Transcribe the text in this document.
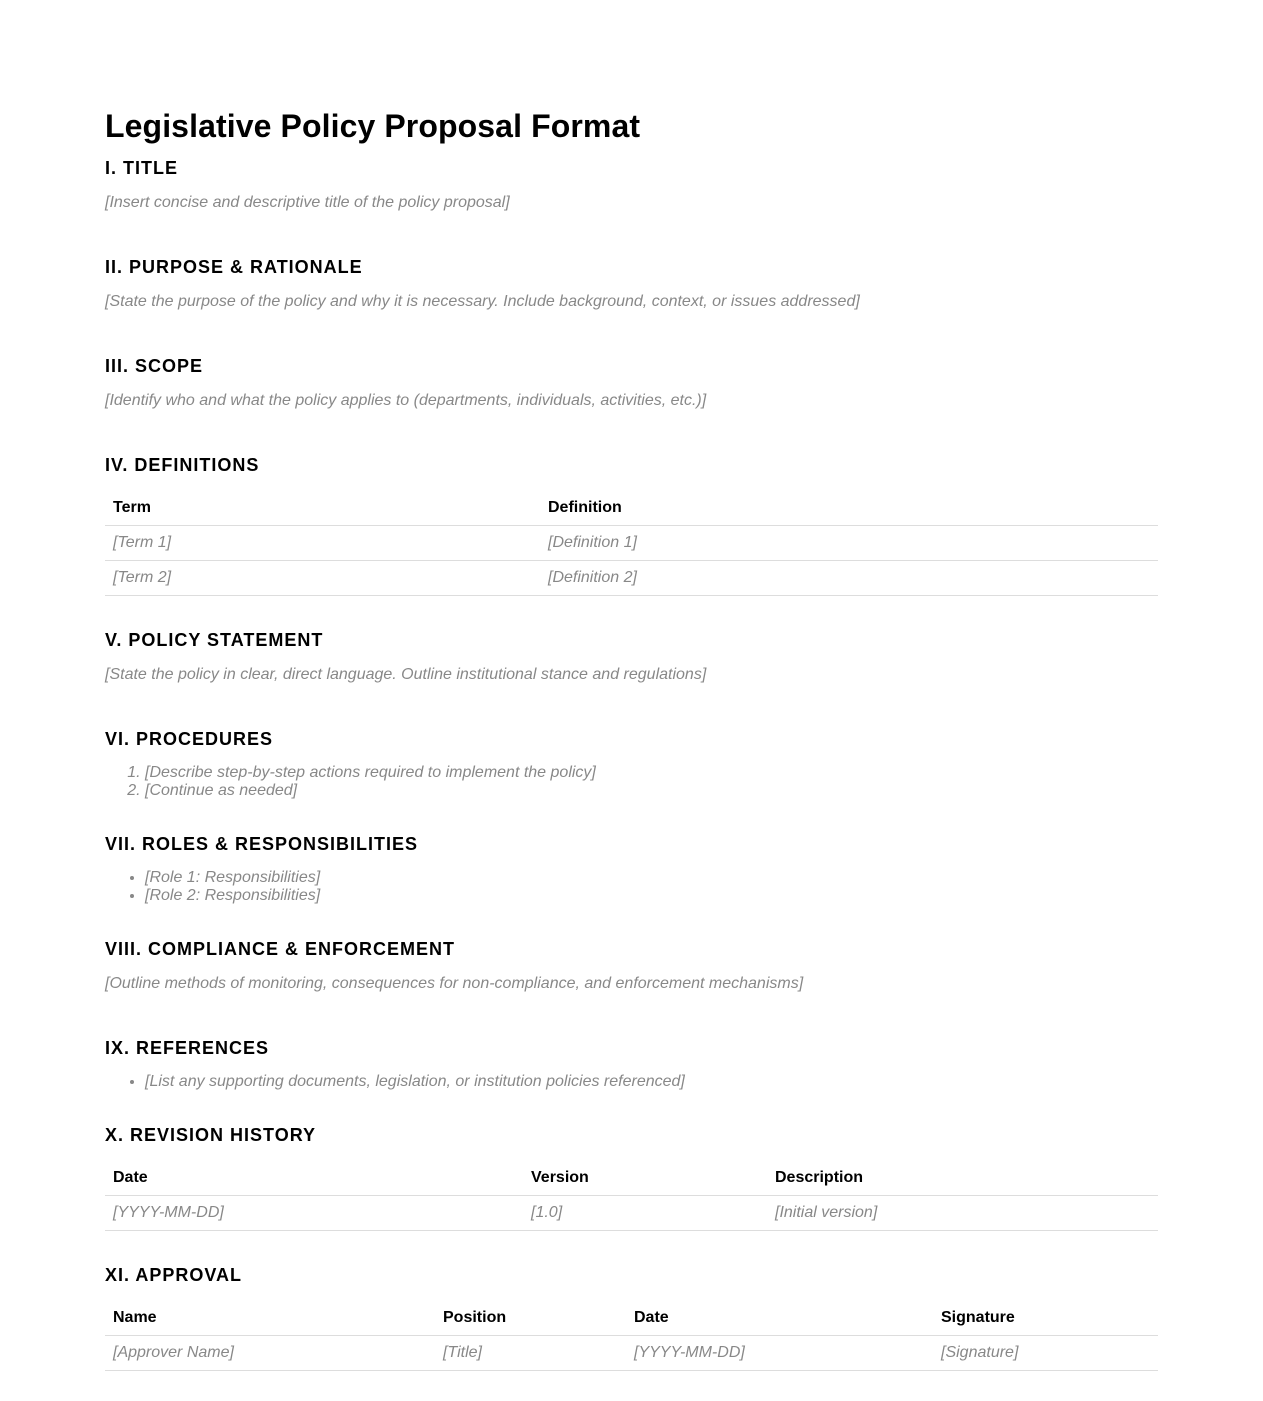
Legislative Policy Proposal Format
I. TITLE

[Insert concise and descriptive title of the policy proposal]

II. PURPOSE & RATIONALE

[State the purpose of the policy and why it is necessary. Include background, context, or issues addressed]

III. SCOPE

[Identify who and what the policy applies to (departments, individuals, activities, etc.)]

IV. DEFINITIONS
Term	Definition
[Term 1]	[Definition 1]
[Term 2]	[Definition 2]
V. POLICY STATEMENT

[State the policy in clear, direct language. Outline institutional stance and regulations]

VI. PROCEDURES
1. [Describe step-by-step actions required to implement the policy]
2. [Continue as needed]
VII. ROLES & RESPONSIBILITIES
• [Role 1: Responsibilities]
• [Role 2: Responsibilities]
VIII. COMPLIANCE & ENFORCEMENT

[Outline methods of monitoring, consequences for non-compliance, and enforcement mechanisms]

IX. REFERENCES
• [List any supporting documents, legislation, or institution policies referenced]
X. REVISION HISTORY
Date	Version	Description
[YYYY-MM-DD]	[1.0]	[Initial version]
XI. APPROVAL
Name	Position	Date	Signature
[Approver Name]	[Title]	[YYYY-MM-DD]	[Signature]
